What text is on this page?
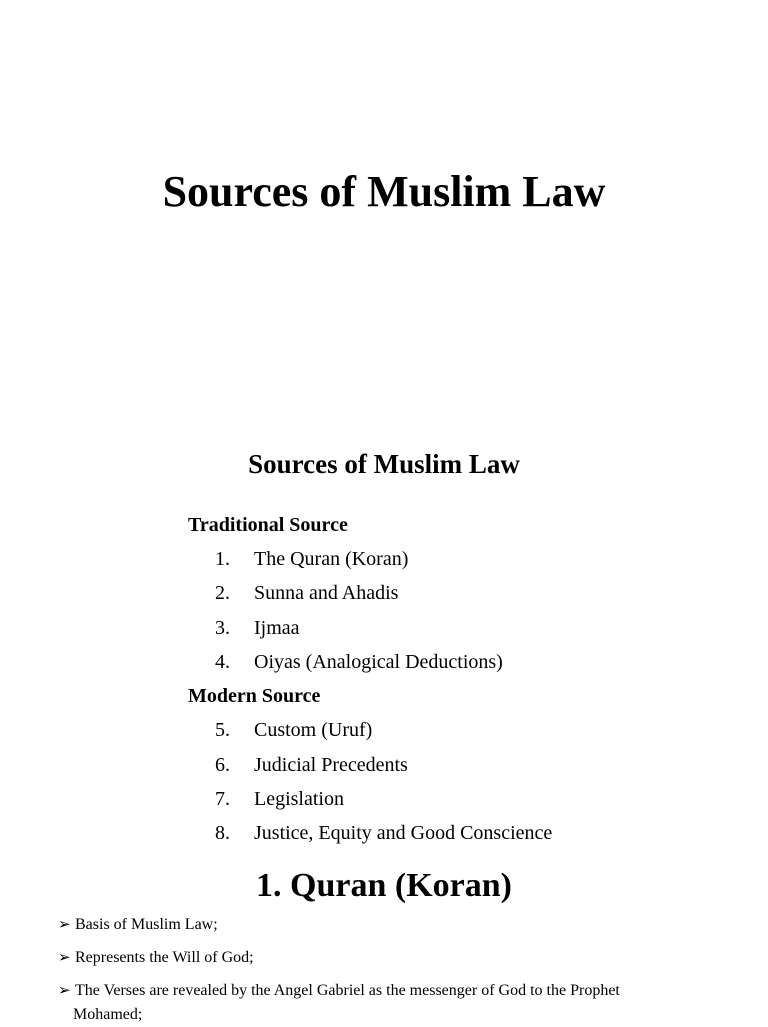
Sources of Muslim Law
Sources of Muslim Law
Traditional Source
1. The Quran (Koran)
2. Sunna and Ahadis
3. Ijmaa
4. Oiyas (Analogical Deductions)
Modern Source
5. Custom (Uruf)
6. Judicial Precedents
7. Legislation
8. Justice, Equity and Good Conscience
1. Quran (Koran)
➢ Basis of Muslim Law;
➢ Represents the Will of God;
➢ The Verses are revealed by the Angel Gabriel as the messenger of God to the Prophet
Mohamed;
